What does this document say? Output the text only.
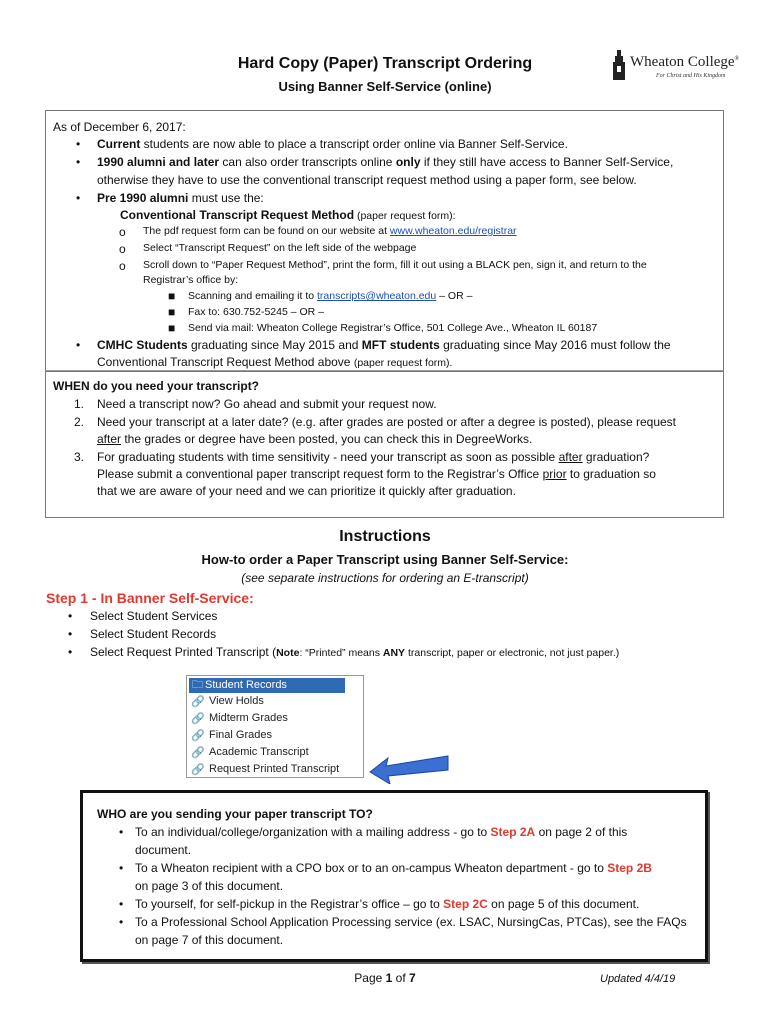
Hard Copy (Paper) Transcript Ordering
Using Banner Self-Service (online)
Wheaton College®
For Christ and His Kingdom
As of December 6, 2017:
• Current students are now able to place a transcript order online via Banner Self-Service.
• 1990 alumni and later can also order transcripts online only if they still have access to Banner Self-Service,
otherwise they have to use the conventional transcript request method using a paper form, see below.
• Pre 1990 alumni must use the:
Conventional Transcript Request Method (paper request form):
o The pdf request form can be found on our website at www.wheaton.edu/registrar
o Select “Transcript Request” on the left side of the webpage
o Scroll down to “Paper Request Method”, print the form, fill it out using a BLACK pen, sign it, and return to the
Registrar’s office by:
■ Scanning and emailing it to transcripts@wheaton.edu – OR –
■ Fax to: 630.752-5245 – OR –
■ Send via mail: Wheaton College Registrar’s Office, 501 College Ave., Wheaton IL 60187
• CMHC Students graduating since May 2015 and MFT students graduating since May 2016 must follow the
Conventional Transcript Request Method above (paper request form).
WHEN do you need your transcript?
1. Need a transcript now? Go ahead and submit your request now.
2. Need your transcript at a later date? (e.g. after grades are posted or after a degree is posted), please request
after the grades or degree have been posted, you can check this in DegreeWorks.
3. For graduating students with time sensitivity - need your transcript as soon as possible after graduation?
Please submit a conventional paper transcript request form to the Registrar’s Office prior to graduation so
that we are aware of your need and we can prioritize it quickly after graduation.
Instructions
How-to order a Paper Transcript using Banner Self-Service:
(see separate instructions for ordering an E-transcript)
Step 1 - In Banner Self-Service:
• Select Student Services
• Select Student Records
• Select Request Printed Transcript (Note: “Printed” means ANY transcript, paper or electronic, not just paper.)
🗀 Student Records
🔗 View Holds
🔗 Midterm Grades
🔗 Final Grades
🔗 Academic Transcript
🔗 Request Printed Transcript
WHO are you sending your paper transcript TO?
• To an individual/college/organization with a mailing address - go to Step 2A on page 2 of this
document.
• To a Wheaton recipient with a CPO box or to an on-campus Wheaton department - go to Step 2B
on page 3 of this document.
• To yourself, for self-pickup in the Registrar’s office – go to Step 2C on page 5 of this document.
• To a Professional School Application Processing service (ex. LSAC, NursingCas, PTCas), see the FAQs
on page 7 of this document.
Page 1 of 7	Updated 4/4/19
